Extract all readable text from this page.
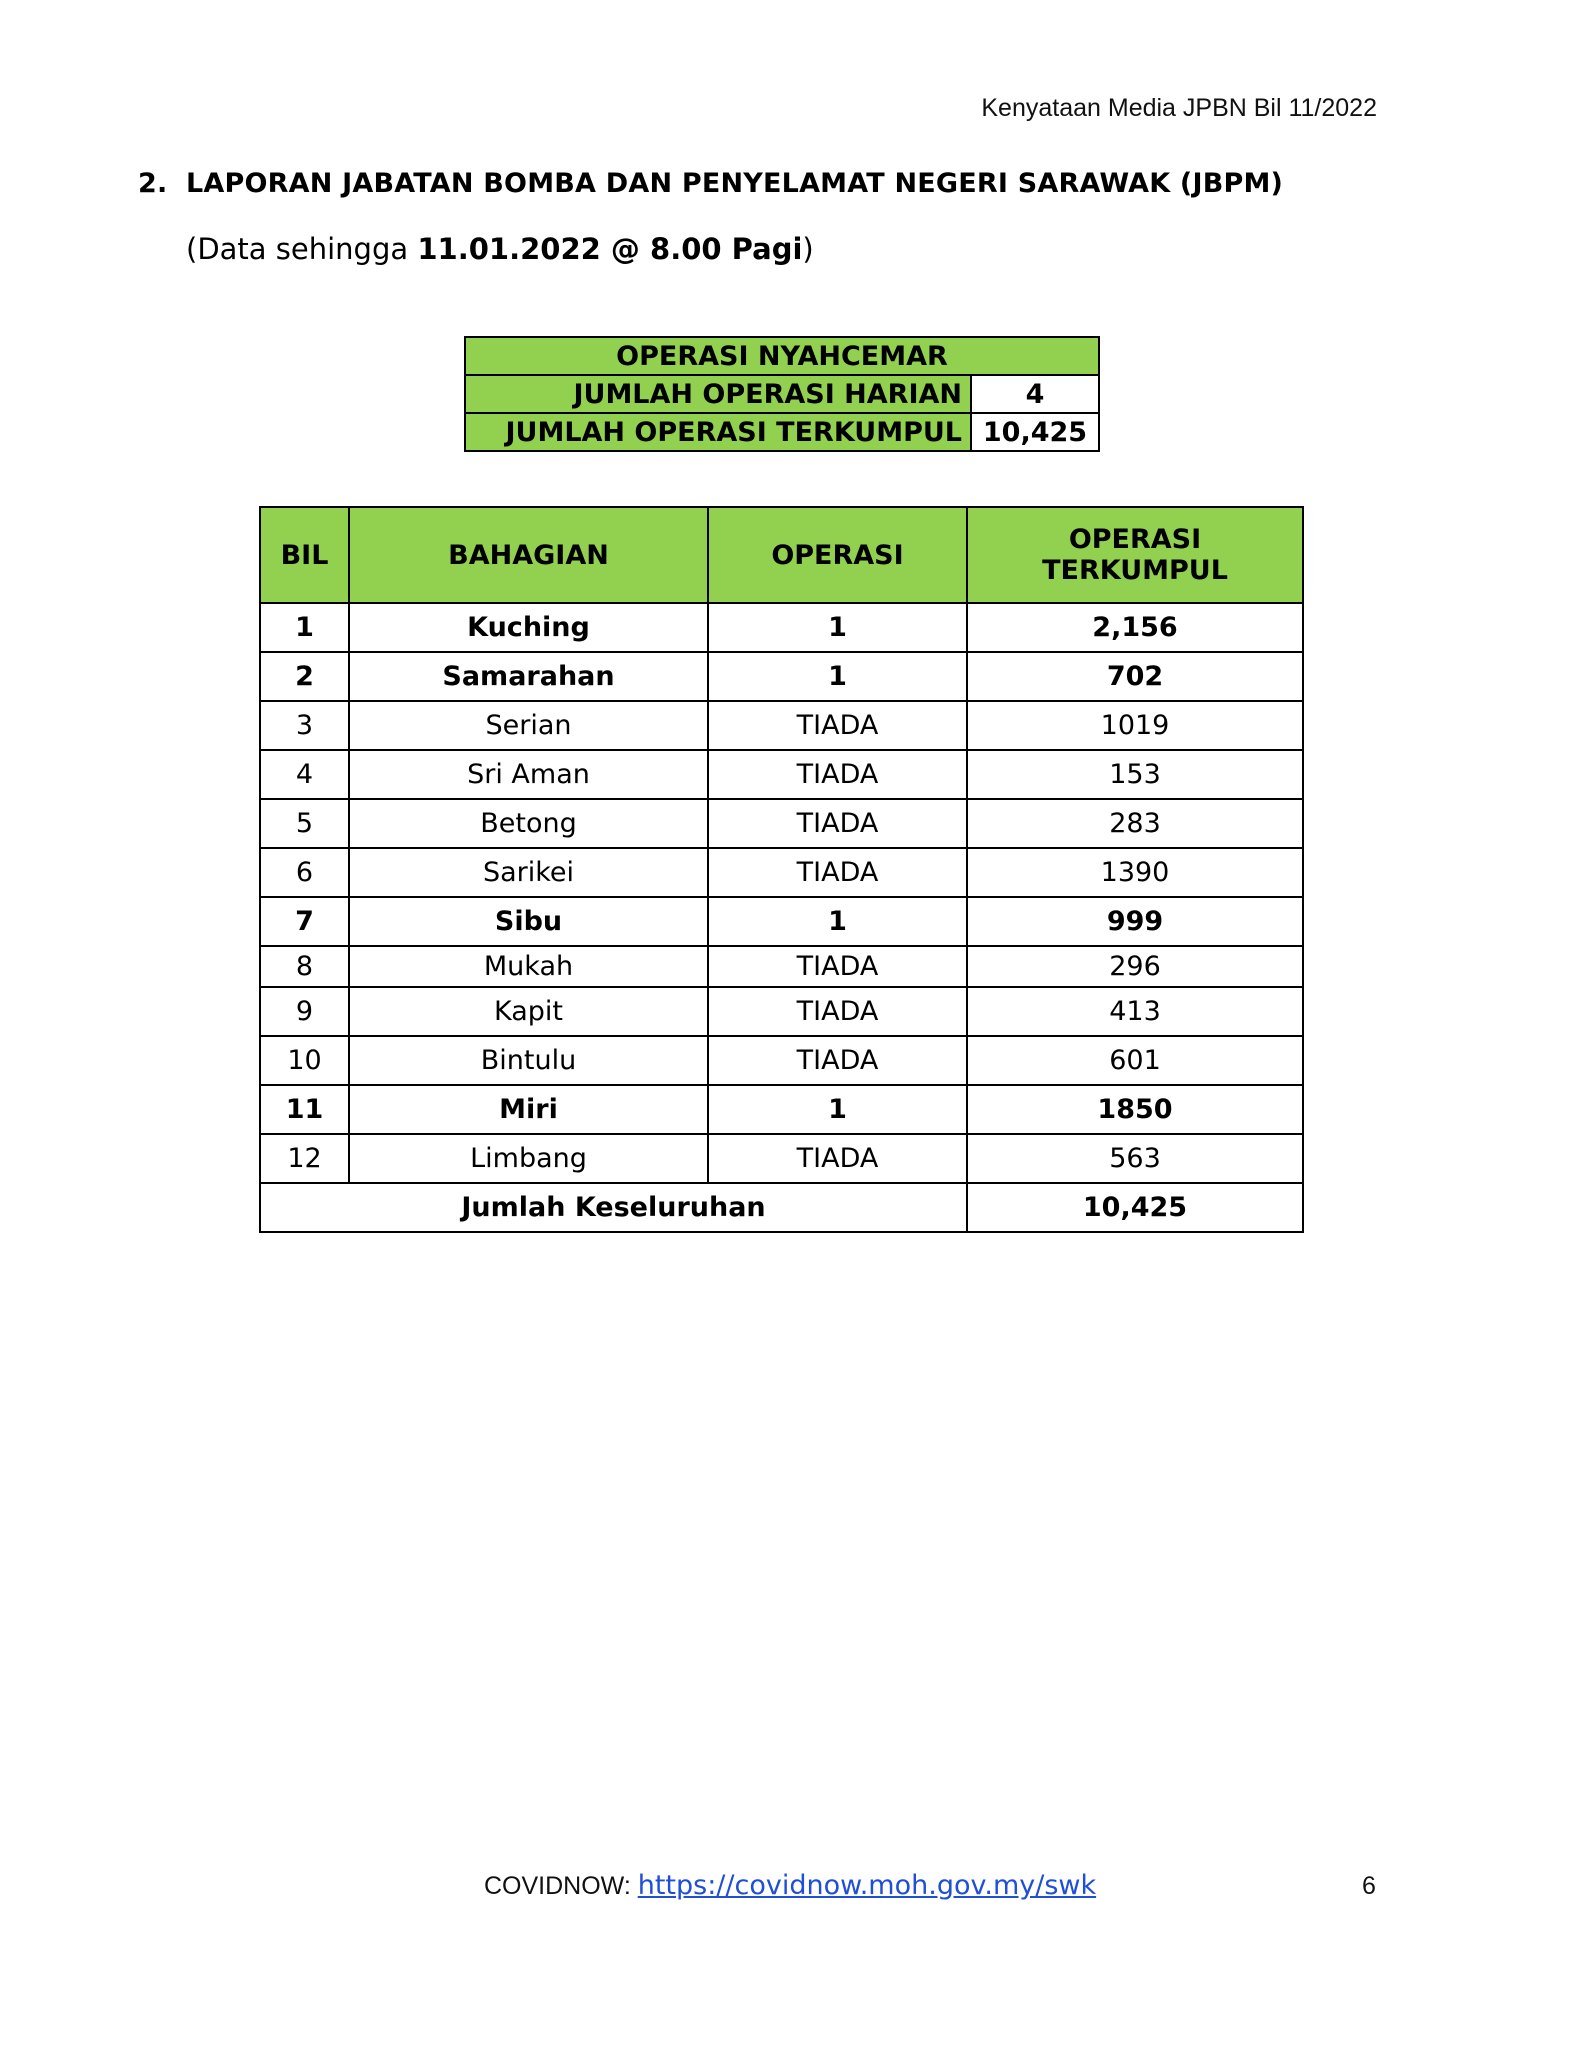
Kenyataan Media JPBN Bil 11/2022
2. LAPORAN JABATAN BOMBA DAN PENYELAMAT NEGERI SARAWAK (JBPM)
(Data sehingga 11.01.2022 @ 8.00 Pagi)
OPERASI NYAHCEMAR	
JUMLAH OPERASI HARIAN	4
JUMLAH OPERASI TERKUMPUL	10,425
BIL	BAHAGIAN	OPERASI	OPERASI TERKUMPUL
1	Kuching	1	2,156
2	Samarahan	1	702
3	Serian	TIADA	1019
4	Sri Aman	TIADA	153
5	Betong	TIADA	283
6	Sarikei	TIADA	1390
7	Sibu	1	999
8	Mukah	TIADA	296
9	Kapit	TIADA	413
10	Bintulu	TIADA	601
11	Miri	1	1850
12	Limbang	TIADA	563
Jumlah Keseluruhan			10,425
COVIDNOW: https://covidnow.moh.gov.my/swk	6
